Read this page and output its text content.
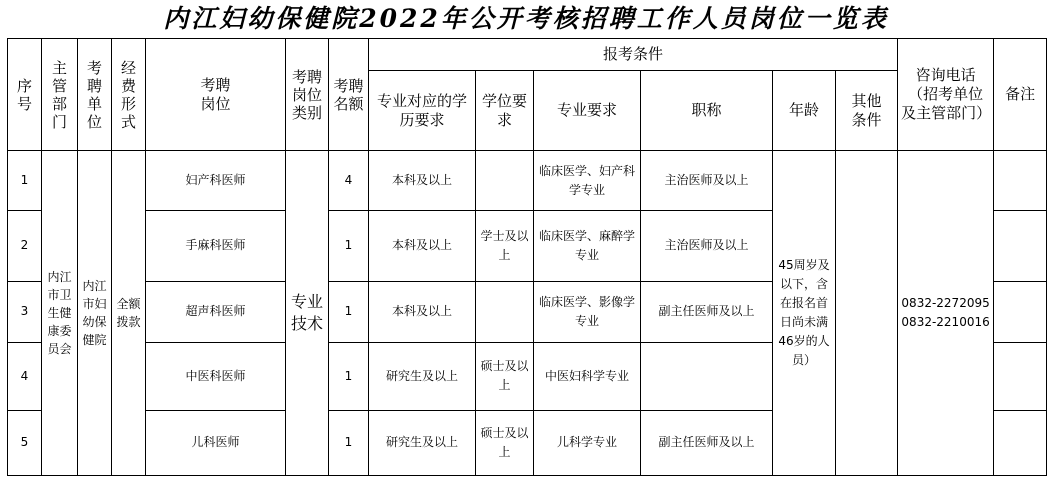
内江妇幼保健院2022年公开考核招聘工作人员岗位一览表
序号	主管部门	考聘单位	经费形式	考聘岗位	考聘岗位类别	考聘名额	报考条件						咨询电话（招考单位及主管部门）	备注
							专业对应的学历要求	学位要求	专业要求	职称	年龄	其他条件		
1	内江市卫生健康委员会	内江市妇幼保健院	全额拨款	妇产科医师	专业技术	4	本科及以上		临床医学、妇产科学专业	主治医师及以上	45周岁及以下，含在报名首日尚未满46岁的人员）		0832-2272095
0832-2210016	

2				手麻科医师		1	本科及以上	学士及以上	临床医学、麻醉学专业	主治医师及以上				
3				超声科医师		1	本科及以上		临床医学、影像学专业	副主任医师及以上				
4				中医科医师		1	研究生及以上	硕士及以上	中医妇科学专业					
5				儿科医师		1	研究生及以上	硕士及以上	儿科学专业	副主任医师及以上				
